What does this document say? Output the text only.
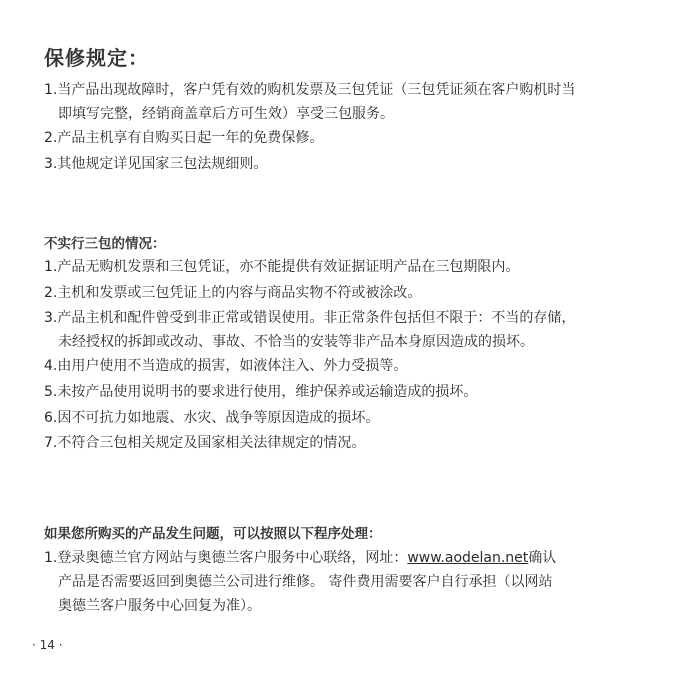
保修规定：
1.当产品出现故障时，客户凭有效的购机发票及三包凭证（三包凭证须在客户购机时当
即填写完整，经销商盖章后方可生效）享受三包服务。
2.产品主机享有自购买日起一年的免费保修。
3.其他规定详见国家三包法规细则。
不实行三包的情况：
1.产品无购机发票和三包凭证，亦不能提供有效证据证明产品在三包期限内。
2.主机和发票或三包凭证上的内容与商品实物不符或被涂改。
3.产品主机和配件曾受到非正常或错误使用。非正常条件包括但不限于：不当的存储，
未经授权的拆卸或改动、事故、不恰当的安装等非产品本身原因造成的损坏。
4.由用户使用不当造成的损害，如液体注入、外力受损等。
5.未按产品使用说明书的要求进行使用，维护保养或运输造成的损坏。
6.因不可抗力如地震、水灾、战争等原因造成的损坏。
7.不符合三包相关规定及国家相关法律规定的情况。
如果您所购买的产品发生问题，可以按照以下程序处理：
1.登录奥德兰官方网站与奥德兰客户服务中心联络，网址：www.aodelan.net确认
产品是否需要返回到奥德兰公司进行维修。 寄件费用需要客户自行承担（以网站
奥德兰客户服务中心回复为准）。
· 14 ·
